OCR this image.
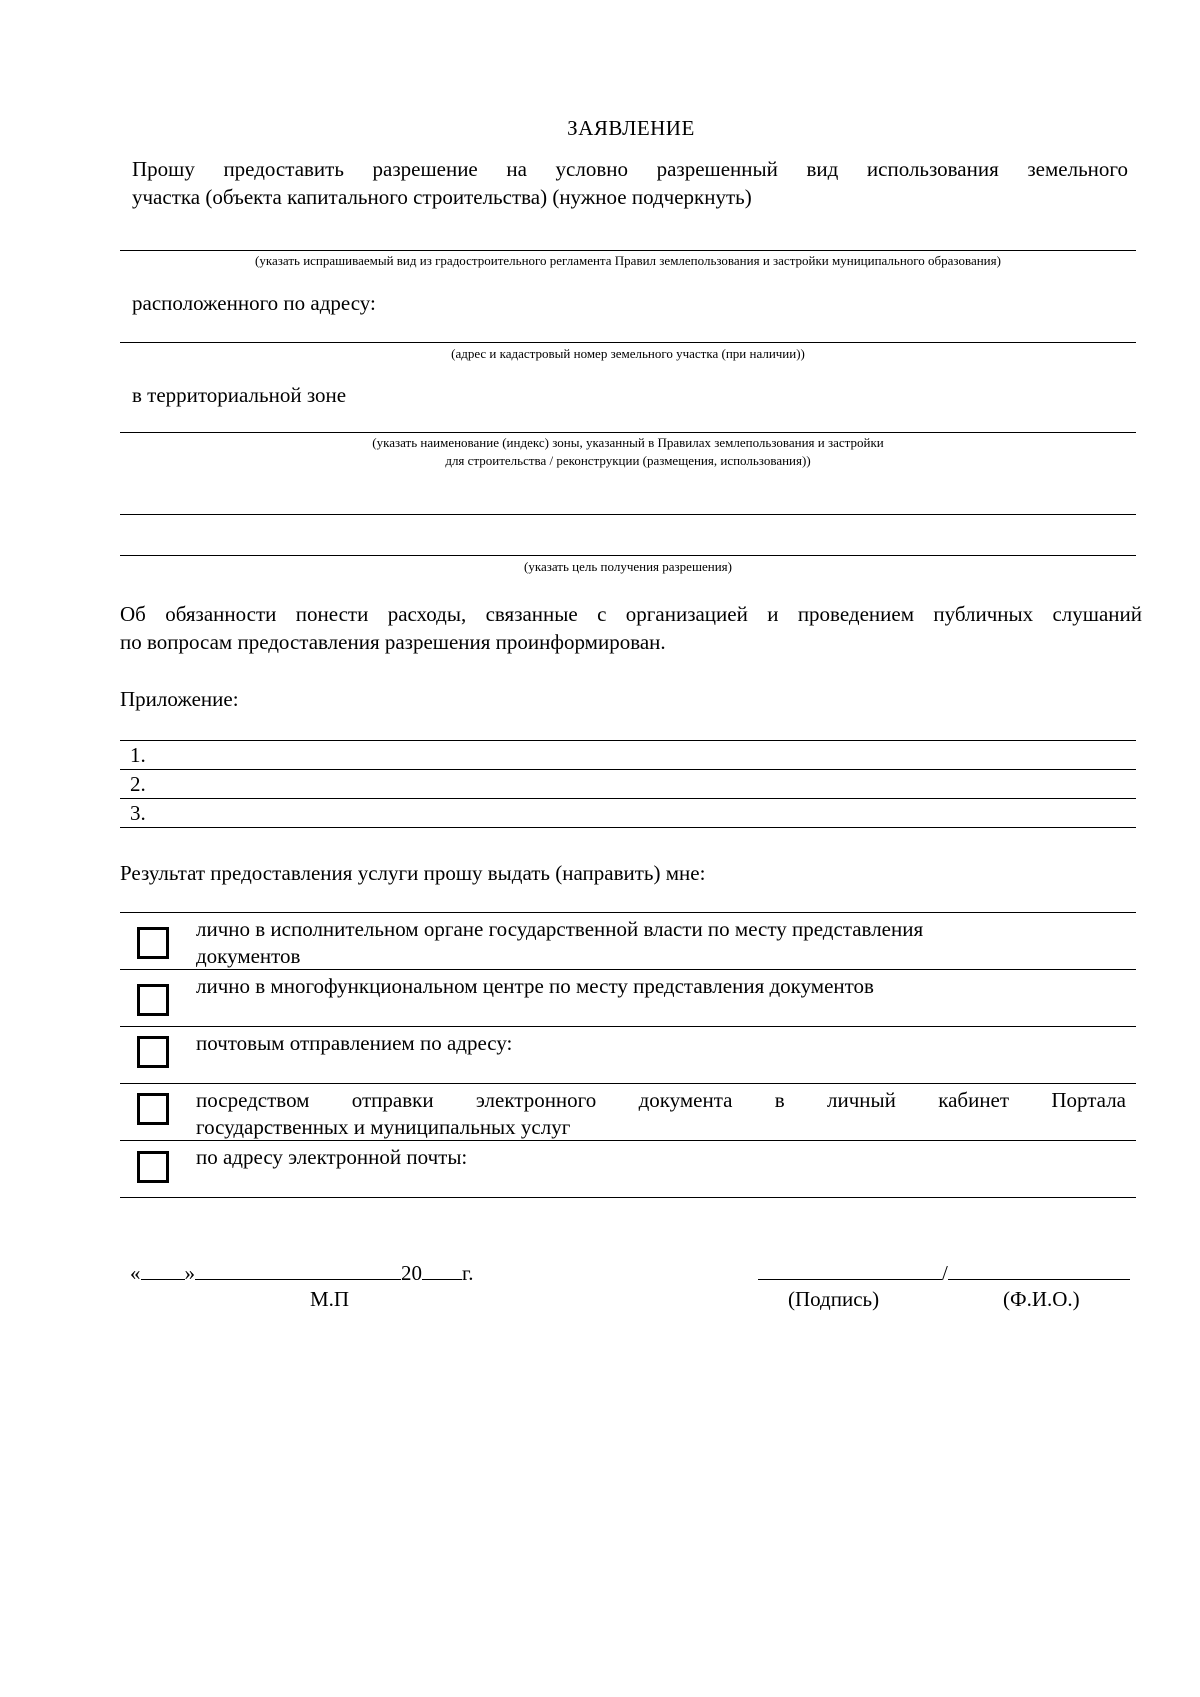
ЗАЯВЛЕНИЕ
Прошу предоставить разрешение на условно разрешенный вид использования земельного
участка (объекта капитального строительства) (нужное подчеркнуть)
(указать испрашиваемый вид из градостроительного регламента Правил землепользования и застройки муниципального образования)
расположенного по адресу:
(адрес и кадастровый номер земельного участка (при наличии))
в территориальной зоне
(указать наименование (индекс) зоны, указанный в Правилах землепользования и застройки
для строительства / реконструкции (размещения, использования))
(указать цель получения разрешения)
Об обязанности понести расходы, связанные с организацией и проведением публичных слушаний
по вопросам предоставления разрешения проинформирован.
Приложение:
1.
2.
3.
Результат предоставления услуги прошу выдать (направить) мне:
лично в исполнительном органе государственной власти по месту представления
документов
лично в многофункциональном центре по месту представления документов
почтовым отправлением по адресу:
посредством отправки электронного документа в личный кабинет Портала
государственных и муниципальных услуг
по адресу электронной почты:
« »	20 г.
М.П
/
(Подпись)	(Ф.И.О.)
